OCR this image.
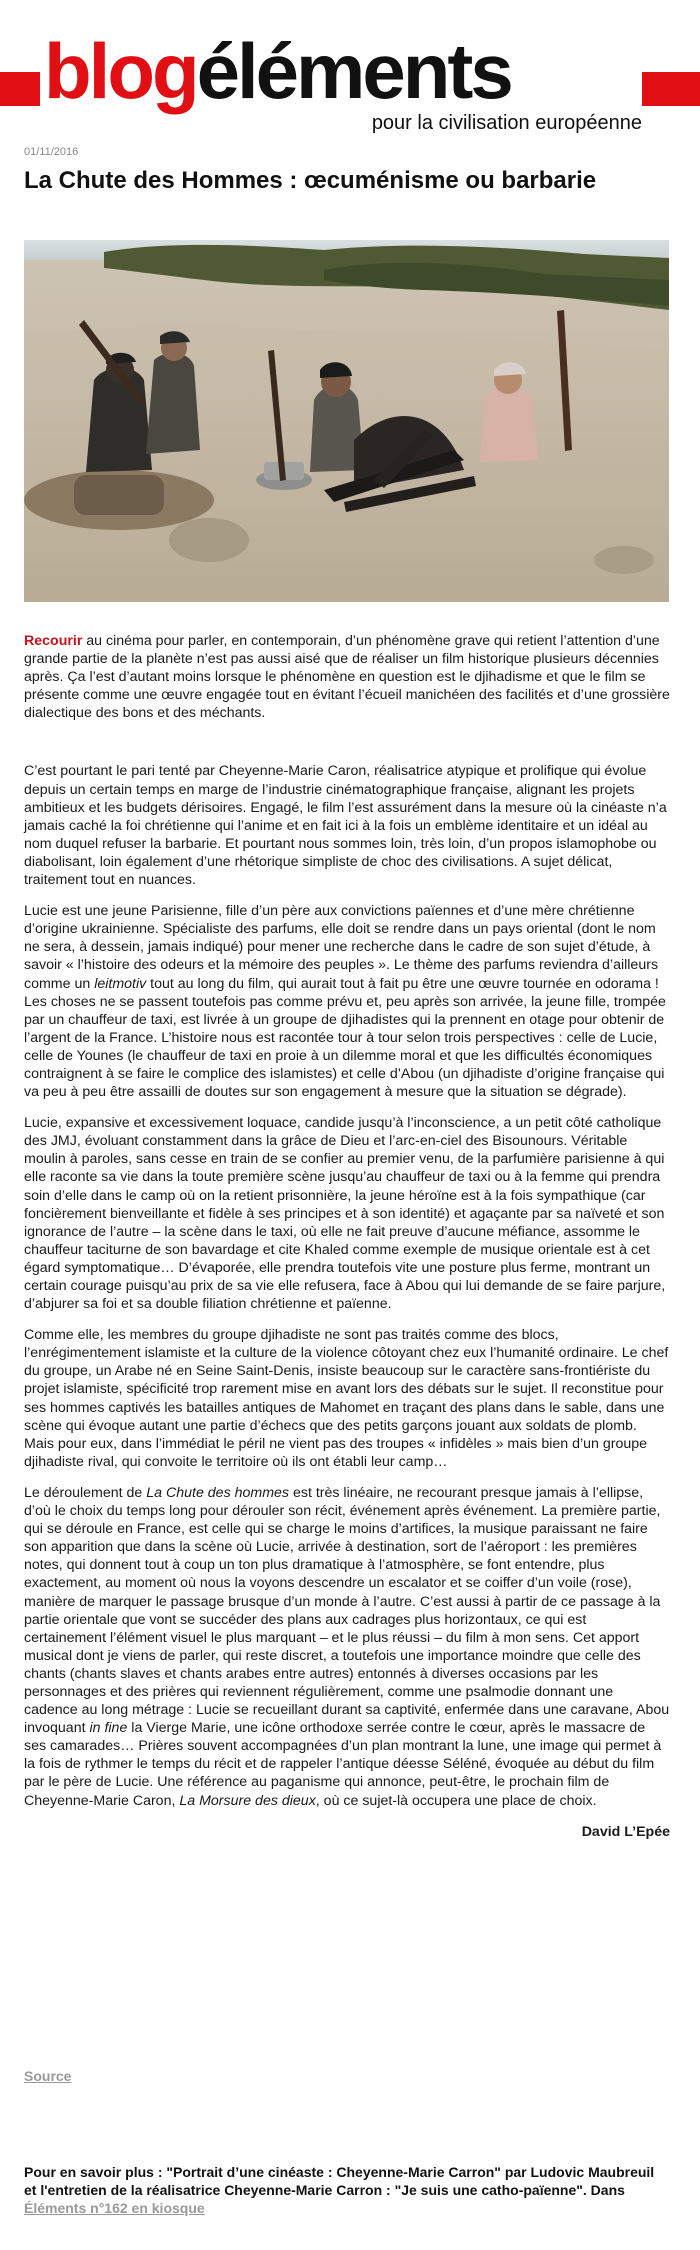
blogéléments
pour la civilisation européenne
01/11/2016
La Chute des Hommes : œcuménisme ou barbarie

Recourir au cinéma pour parler, en contemporain, d’un phénomène grave qui retient l’attention d’une grande partie de la planète n’est pas aussi aisé que de réaliser un film historique plusieurs décennies après. Ça l’est d’autant moins lorsque le phénomène en question est le djihadisme et que le film se présente comme une œuvre engagée tout en évitant l’écueil manichéen des facilités et d’une grossière dialectique des bons et des méchants.

C’est pourtant le pari tenté par Cheyenne-Marie Caron, réalisatrice atypique et prolifique qui évolue depuis un certain temps en marge de l’industrie cinématographique française, alignant les projets ambitieux et les budgets dérisoires. Engagé, le film l’est assurément dans la mesure où la cinéaste n’a jamais caché la foi chrétienne qui l’anime et en fait ici à la fois un emblème identitaire et un idéal au nom duquel refuser la barbarie. Et pourtant nous sommes loin, très loin, d’un propos islamophobe ou diabolisant, loin également d’une rhétorique simpliste de choc des civilisations. A sujet délicat, traitement tout en nuances.

Lucie est une jeune Parisienne, fille d’un père aux convictions païennes et d’une mère chrétienne d’origine ukrainienne. Spécialiste des parfums, elle doit se rendre dans un pays oriental (dont le nom ne sera, à dessein, jamais indiqué) pour mener une recherche dans le cadre de son sujet d’étude, à savoir « l’histoire des odeurs et la mémoire des peuples ». Le thème des parfums reviendra d’ailleurs comme un leitmotiv tout au long du film, qui aurait tout à fait pu être une œuvre tournée en odorama ! Les choses ne se passent toutefois pas comme prévu et, peu après son arrivée, la jeune fille, trompée par un chauffeur de taxi, est livrée à un groupe de djihadistes qui la prennent en otage pour obtenir de l’argent de la France. L’histoire nous est racontée tour à tour selon trois perspectives : celle de Lucie, celle de Younes (le chauffeur de taxi en proie à un dilemme moral et que les difficultés économiques contraignent à se faire le complice des islamistes) et celle d’Abou (un djihadiste d’origine française qui va peu à peu être assailli de doutes sur son engagement à mesure que la situation se dégrade).

Lucie, expansive et excessivement loquace, candide jusqu’à l’inconscience, a un petit côté catholique des JMJ, évoluant constamment dans la grâce de Dieu et l’arc-en-ciel des Bisounours. Véritable moulin à paroles, sans cesse en train de se confier au premier venu, de la parfumière parisienne à qui elle raconte sa vie dans la toute première scène jusqu’au chauffeur de taxi ou à la femme qui prendra soin d’elle dans le camp où on la retient prisonnière, la jeune héroïne est à la fois sympathique (car foncièrement bienveillante et fidèle à ses principes et à son identité) et agaçante par sa naïveté et son ignorance de l’autre – la scène dans le taxi, où elle ne fait preuve d’aucune méfiance, assomme le chauffeur taciturne de son bavardage et cite Khaled comme exemple de musique orientale est à cet égard symptomatique… D’évaporée, elle prendra toutefois vite une posture plus ferme, montrant un certain courage puisqu’au prix de sa vie elle refusera, face à Abou qui lui demande de se faire parjure, d’abjurer sa foi et sa double filiation chrétienne et païenne.

Comme elle, les membres du groupe djihadiste ne sont pas traités comme des blocs, l’enrégimentement islamiste et la culture de la violence côtoyant chez eux l’humanité ordinaire. Le chef du groupe, un Arabe né en Seine Saint-Denis, insiste beaucoup sur le caractère sans-frontiériste du projet islamiste, spécificité trop rarement mise en avant lors des débats sur le sujet. Il reconstitue pour ses hommes captivés les batailles antiques de Mahomet en traçant des plans dans le sable, dans une scène qui évoque autant une partie d’échecs que des petits garçons jouant aux soldats de plomb. Mais pour eux, dans l’immédiat le péril ne vient pas des troupes « infidèles » mais bien d’un groupe djihadiste rival, qui convoite le territoire où ils ont établi leur camp…

Le déroulement de La Chute des hommes est très linéaire, ne recourant presque jamais à l’ellipse, d’où le choix du temps long pour dérouler son récit, événement après événement. La première partie, qui se déroule en France, est celle qui se charge le moins d’artifices, la musique paraissant ne faire son apparition que dans la scène où Lucie, arrivée à destination, sort de l’aéroport : les premières notes, qui donnent tout à coup un ton plus dramatique à l’atmosphère, se font entendre, plus exactement, au moment où nous la voyons descendre un escalator et se coiffer d’un voile (rose), manière de marquer le passage brusque d’un monde à l’autre. C’est aussi à partir de ce passage à la partie orientale que vont se succéder des plans aux cadrages plus horizontaux, ce qui est certainement l’élément visuel le plus marquant – et le plus réussi – du film à mon sens. Cet apport musical dont je viens de parler, qui reste discret, a toutefois une importance moindre que celle des chants (chants slaves et chants arabes entre autres) entonnés à diverses occasions par les personnages et des prières qui reviennent régulièrement, comme une psalmodie donnant une cadence au long métrage : Lucie se recueillant durant sa captivité, enfermée dans une caravane, Abou invoquant in fine la Vierge Marie, une icône orthodoxe serrée contre le cœur, après le massacre de ses camarades… Prières souvent accompagnées d’un plan montrant la lune, une image qui permet à la fois de rythmer le temps du récit et de rappeler l’antique déesse Séléné, évoquée au début du film par le père de Lucie. Une référence au paganisme qui annonce, peut-être, le prochain film de Cheyenne-Marie Caron, La Morsure des dieux, où ce sujet-là occupera une place de choix.

David L’Epée
Source
Pour en savoir plus : "Portrait d’une cinéaste : Cheyenne-Marie Carron" par Ludovic Maubreuil et l'entretien de la réalisatrice Cheyenne-Marie Carron : "Je suis une catho-païenne". Dans Éléments n°162 en kiosque
